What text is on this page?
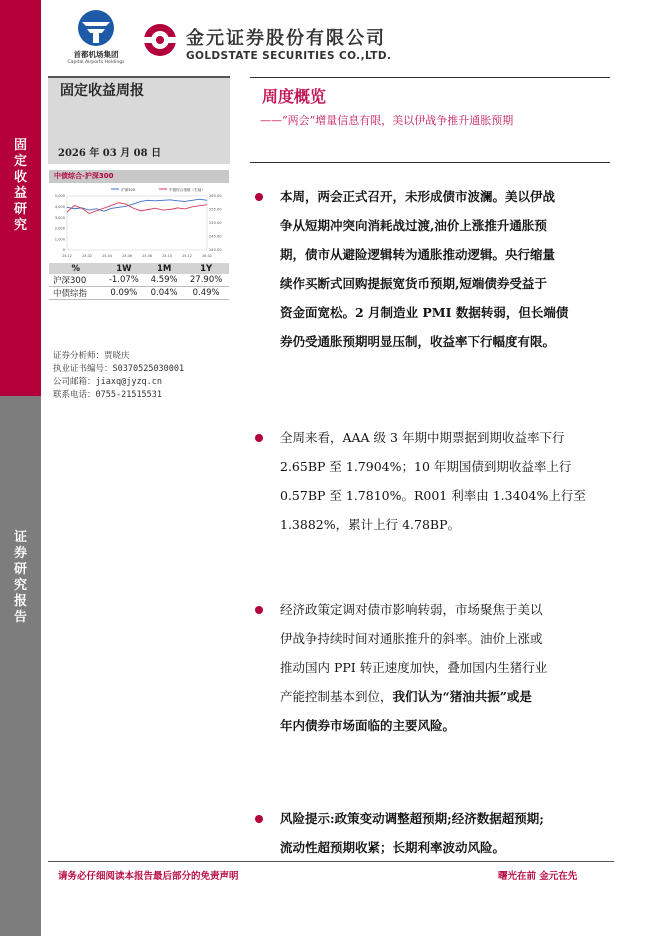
固
定
收
益
研
究
证
券
研
究
报
告
首都机场集团
Capital Airports Holdings
金元证券股份有限公司
GOLDSTATE SECURITIES CO.,LTD.
固定收益周报
2026 年 03 月 08 日
周度概览
——“两会”增量信息有限，美以伊战争推升通胀预期
中债综合-沪深300
沪深300	中债综合指数（右轴）
5,000
4,000
3,000
2,000
1,000
0
260.00
255.00
250.00
245.00
240.00
24-12	25-02	25-04	25-06	25-08	25-10	25-12	26-02
%	1W	1M	1Y
沪深300	-1.07%	4.59%	27.90%
中债综指	0.09%	0.04%	0.49%
证券分析师：贾晓庆
执业证书编号：S0370525030001
公司邮箱：jiaxq@jyzq.cn
联系电话：0755-21515531
本周，两会正式召开，未形成债市波澜。美以伊战
争从短期冲突向消耗战过渡,油价上涨推升通胀预
期，债市从避险逻辑转为通胀推动逻辑。央行缩量
续作买断式回购提振宽货币预期,短端债券受益于
资金面宽松。2 月制造业 PMI 数据转弱，但长端债
券仍受通胀预期明显压制，收益率下行幅度有限。
全周来看，AAA 级 3 年期中期票据到期收益率下行
2.65BP 至 1.7904%；10 年期国债到期收益率上行
0.57BP 至 1.7810%。R001 利率由 1.3404%上行至
1.3882%，累计上行 4.78BP。
经济政策定调对债市影响转弱，市场聚焦于美以
伊战争持续时间对通胀推升的斜率。油价上涨或
推动国内 PPI 转正速度加快，叠加国内生猪行业
产能控制基本到位，我们认为“猪油共振”或是
年内债券市场面临的主要风险。
风险提示:政策变动调整超预期;经济数据超预期;
流动性超预期收紧；长期利率波动风险。
请务必仔细阅读本报告最后部分的免责声明	曙光在前 金元在先
